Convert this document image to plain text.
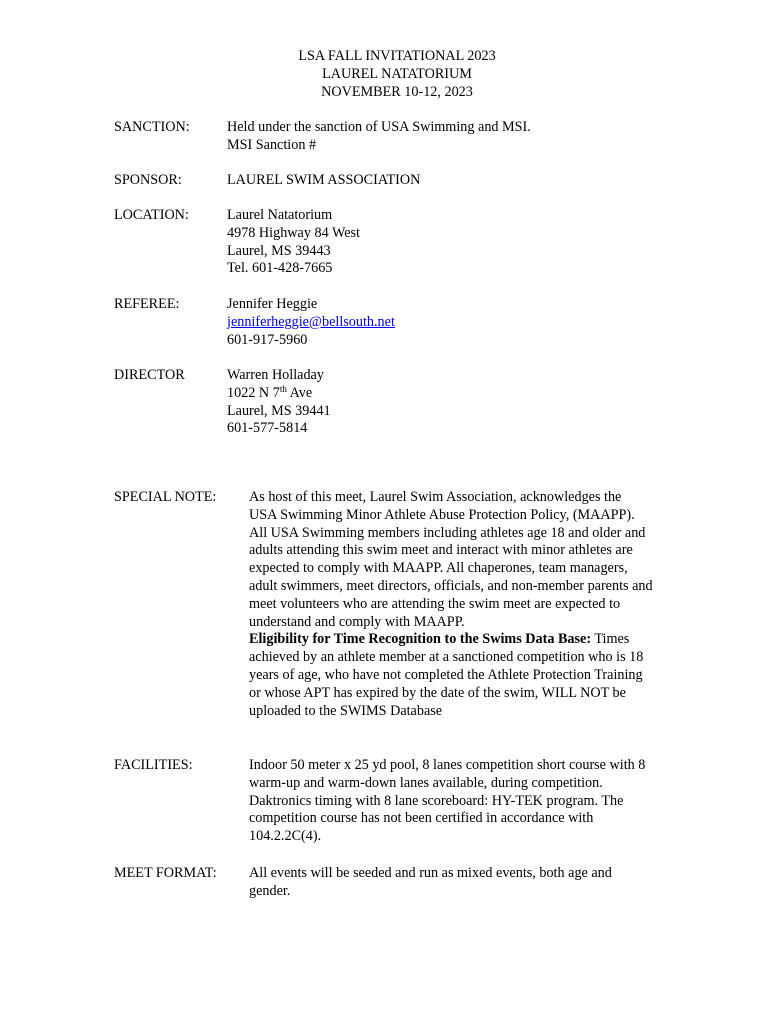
LSA FALL INVITATIONAL 2023
LAUREL NATATORIUM
NOVEMBER 10-12, 2023
SANCTION:	Held under the sanction of USA Swimming and MSI.
MSI Sanction #
SPONSOR:	LAUREL SWIM ASSOCIATION
LOCATION:	Laurel Natatorium
4978 Highway 84 West
Laurel, MS 39443
Tel. 601-428-7665
REFEREE:	Jennifer Heggie
jenniferheggie@bellsouth.net
601-917-5960
DIRECTOR	Warren Holladay
1022 N 7th Ave
Laurel, MS 39441
601-577-5814
SPECIAL NOTE: As host of this meet, Laurel Swim Association, acknowledges the
USA Swimming Minor Athlete Abuse Protection Policy, (MAAPP).
All USA Swimming members including athletes age 18 and older and
adults attending this swim meet and interact with minor athletes are
expected to comply with MAAPP. All chaperones, team managers,
adult swimmers, meet directors, officials, and non-member parents and
meet volunteers who are attending the swim meet are expected to
understand and comply with MAAPP.
Eligibility for Time Recognition to the Swims Data Base: Times
achieved by an athlete member at a sanctioned competition who is 18
years of age, who have not completed the Athlete Protection Training
or whose APT has expired by the date of the swim, WILL NOT be
uploaded to the SWIMS Database
FACILITIES:	Indoor 50 meter x 25 yd pool, 8 lanes competition short course with 8
warm-up and warm-down lanes available, during competition.
Daktronics timing with 8 lane scoreboard: HY-TEK program. The
competition course has not been certified in accordance with
104.2.2C(4).
MEET FORMAT: All events will be seeded and run as mixed events, both age and
gender.
